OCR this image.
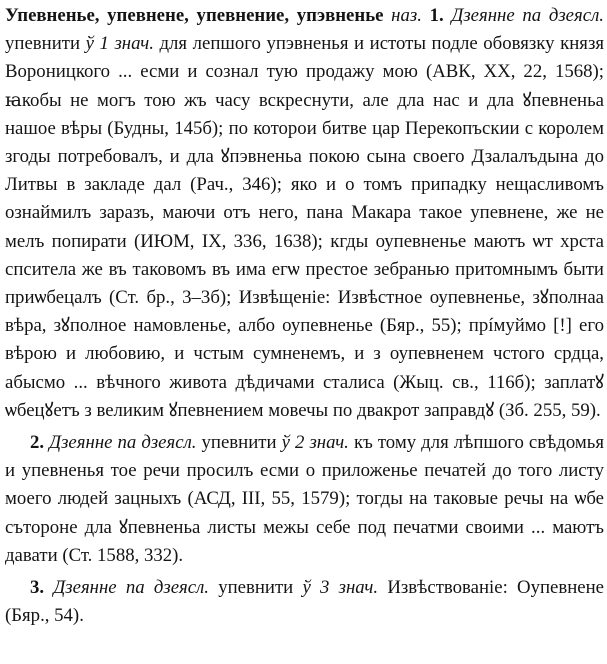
Упевненье, упевнене, упевнение, упэвненье наз. 1. Дзеянне па дзеясл. упевнити ў 1 знач. для лепшого упэвненья и истоты подле обовязку князя Вороницкого ... есми и сознал тую продажу мою (АВК, XX, 22, 1568); ꙗкобы не могъ тою жъ часу вскреснути, але дла нас и дла ꙋпевненьа нашое вѣры (Будны, 145б); по которои битве цар Перекопъскии с королем згоды потребовалъ, и дла ꙋпэвненьа покою сына своего Дзалалъдына до Литвы в закладе дал (Рач., 346); яко и о томъ припадку нещасливомъ ознаймилъ заразъ, маючи отъ него, пана Макара такое упевнене, же не мелъ попирати (ИЮМ, IX, 336, 1638); кгды оупевненье маютъ ѡт хрста спситела же въ таковомъ въ има егѡ престое зебранью притомнымъ быти приѡбецалъ (Ст. бр., 3–3б); Извѣщеніе: Извѣстное оупевненье, зꙋполнаа вѣра, зꙋполное намовленье, албо оупевненье (Бяр., 55); прíмуймо [!] его вѣрою и любовию, и чстым сумненемъ, и з оупевненем чстого срдца, абысмо ... вѣчного живота дѣдичами сталиса (Жыц. св., 116б); заплатꙋ ѡбецꙋетъ з великим ꙋпевнением мовечы по двакрот заправдꙋ (Зб. 255, 59).

2. Дзеянне па дзеясл. упевнити ў 2 знач. къ тому для лѣпшого свѣдомья и упевненья тое речи просилъ есми о приложенье печатей до того листу моего людей зацныхъ (АСД, III, 55, 1579); тогды на таковые речы на ѡбе сътороне дла ꙋпевненьа листы межы себе под печатми своими ... маютъ давати (Ст. 1588, 332).

3. Дзеянне па дзеясл. упевнити ў 3 знач. Извѣствованіе: Оупевнене (Бяр., 54).
